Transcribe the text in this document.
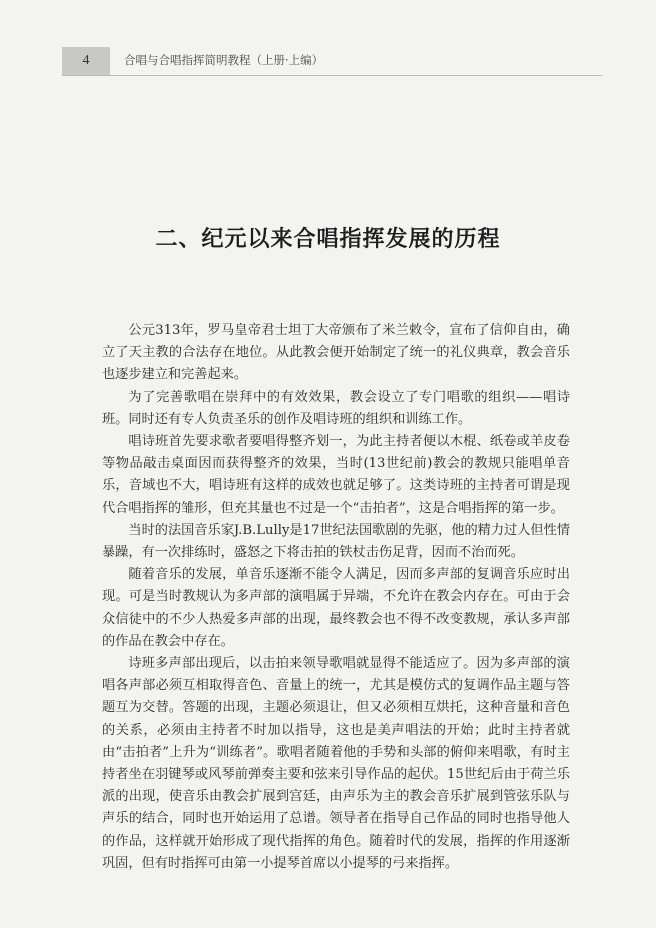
4	合唱与合唱指挥简明教程（上册·上编）
二、纪元以来合唱指挥发展的历程

公元313年，罗马皇帝君士坦丁大帝颁布了米兰敕令，宣布了信仰自由，确立了天主教的合法存在地位。从此教会便开始制定了统一的礼仪典章，教会音乐也逐步建立和完善起来。

为了完善歌唱在崇拜中的有效效果，教会设立了专门唱歌的组织——唱诗班。同时还有专人负责圣乐的创作及唱诗班的组织和训练工作。

唱诗班首先要求歌者要唱得整齐划一，为此主持者便以木棍、纸卷或羊皮卷等物品敲击桌面因而获得整齐的效果，当时(13世纪前)教会的教规只能唱单音乐，音域也不大，唱诗班有这样的成效也就足够了。这类诗班的主持者可谓是现代合唱指挥的雏形，但充其量也不过是一个“击拍者”，这是合唱指挥的第一步。

当时的法国音乐家J.B.Lully是17世纪法国歌剧的先驱，他的精力过人但性情暴躁，有一次排练时，盛怒之下将击拍的铁杖击伤足背，因而不治而死。

随着音乐的发展，单音乐逐渐不能令人满足，因而多声部的复调音乐应时出现。可是当时教规认为多声部的演唱属于异端，不允许在教会内存在。可由于会众信徒中的不少人热爱多声部的出现，最终教会也不得不改变教规，承认多声部的作品在教会中存在。

诗班多声部出现后，以击拍来领导歌唱就显得不能适应了。因为多声部的演唱各声部必须互相取得音色、音量上的统一，尤其是模仿式的复调作品主题与答题互为交替。答题的出现，主题必须退让，但又必须相互烘托，这种音量和音色的关系，必须由主持者不时加以指导，这也是美声唱法的开始；此时主持者就由“击拍者”上升为“训练者”。歌唱者随着他的手势和头部的俯仰来唱歌，有时主持者坐在羽键琴或风琴前弹奏主要和弦来引导作品的起伏。15世纪后由于荷兰乐派的出现，使音乐由教会扩展到宫廷，由声乐为主的教会音乐扩展到管弦乐队与声乐的结合，同时也开始运用了总谱。领导者在指导自己作品的同时也指导他人的作品，这样就开始形成了现代指挥的角色。随着时代的发展，指挥的作用逐渐巩固，但有时指挥可由第一小提琴首席以小提琴的弓来指挥。
